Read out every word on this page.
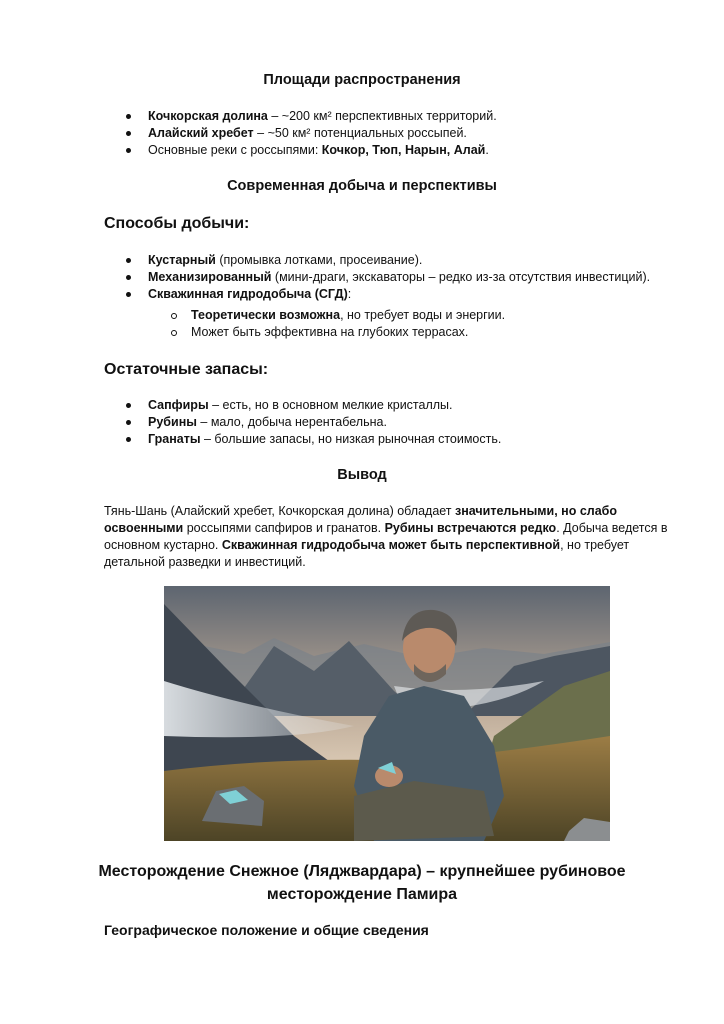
Площади распространения
Кочкорская долина – ~200 км² перспективных территорий.
Алайский хребет – ~50 км² потенциальных россыпей.
Основные реки с россыпями: Кочкор, Тюп, Нарын, Алай.
Современная добыча и перспективы
Способы добычи:
Кустарный (промывка лотками, просеивание).
Механизированный (мини-драги, экскаваторы – редко из-за отсутствия инвестиций).
Скважинная гидродобыча (СГД):
Теоретически возможна, но требует воды и энергии.
Может быть эффективна на глубоких террасах.
Остаточные запасы:
Сапфиры – есть, но в основном мелкие кристаллы.
Рубины – мало, добыча нерентабельна.
Гранаты – большие запасы, но низкая рыночная стоимость.
Вывод

Тянь-Шань (Алайский хребет, Кочкорская долина) обладает значительными, но слабо освоенными россыпями сапфиров и гранатов. Рубины встречаются редко. Добыча ведется в основном кустарно. Скважинная гидродобыча может быть перспективной, но требует детальной разведки и инвестиций.

Месторождение Снежное (Ляджвардара) – крупнейшее рубиновое
месторождение Памира
Географическое положение и общие сведения
